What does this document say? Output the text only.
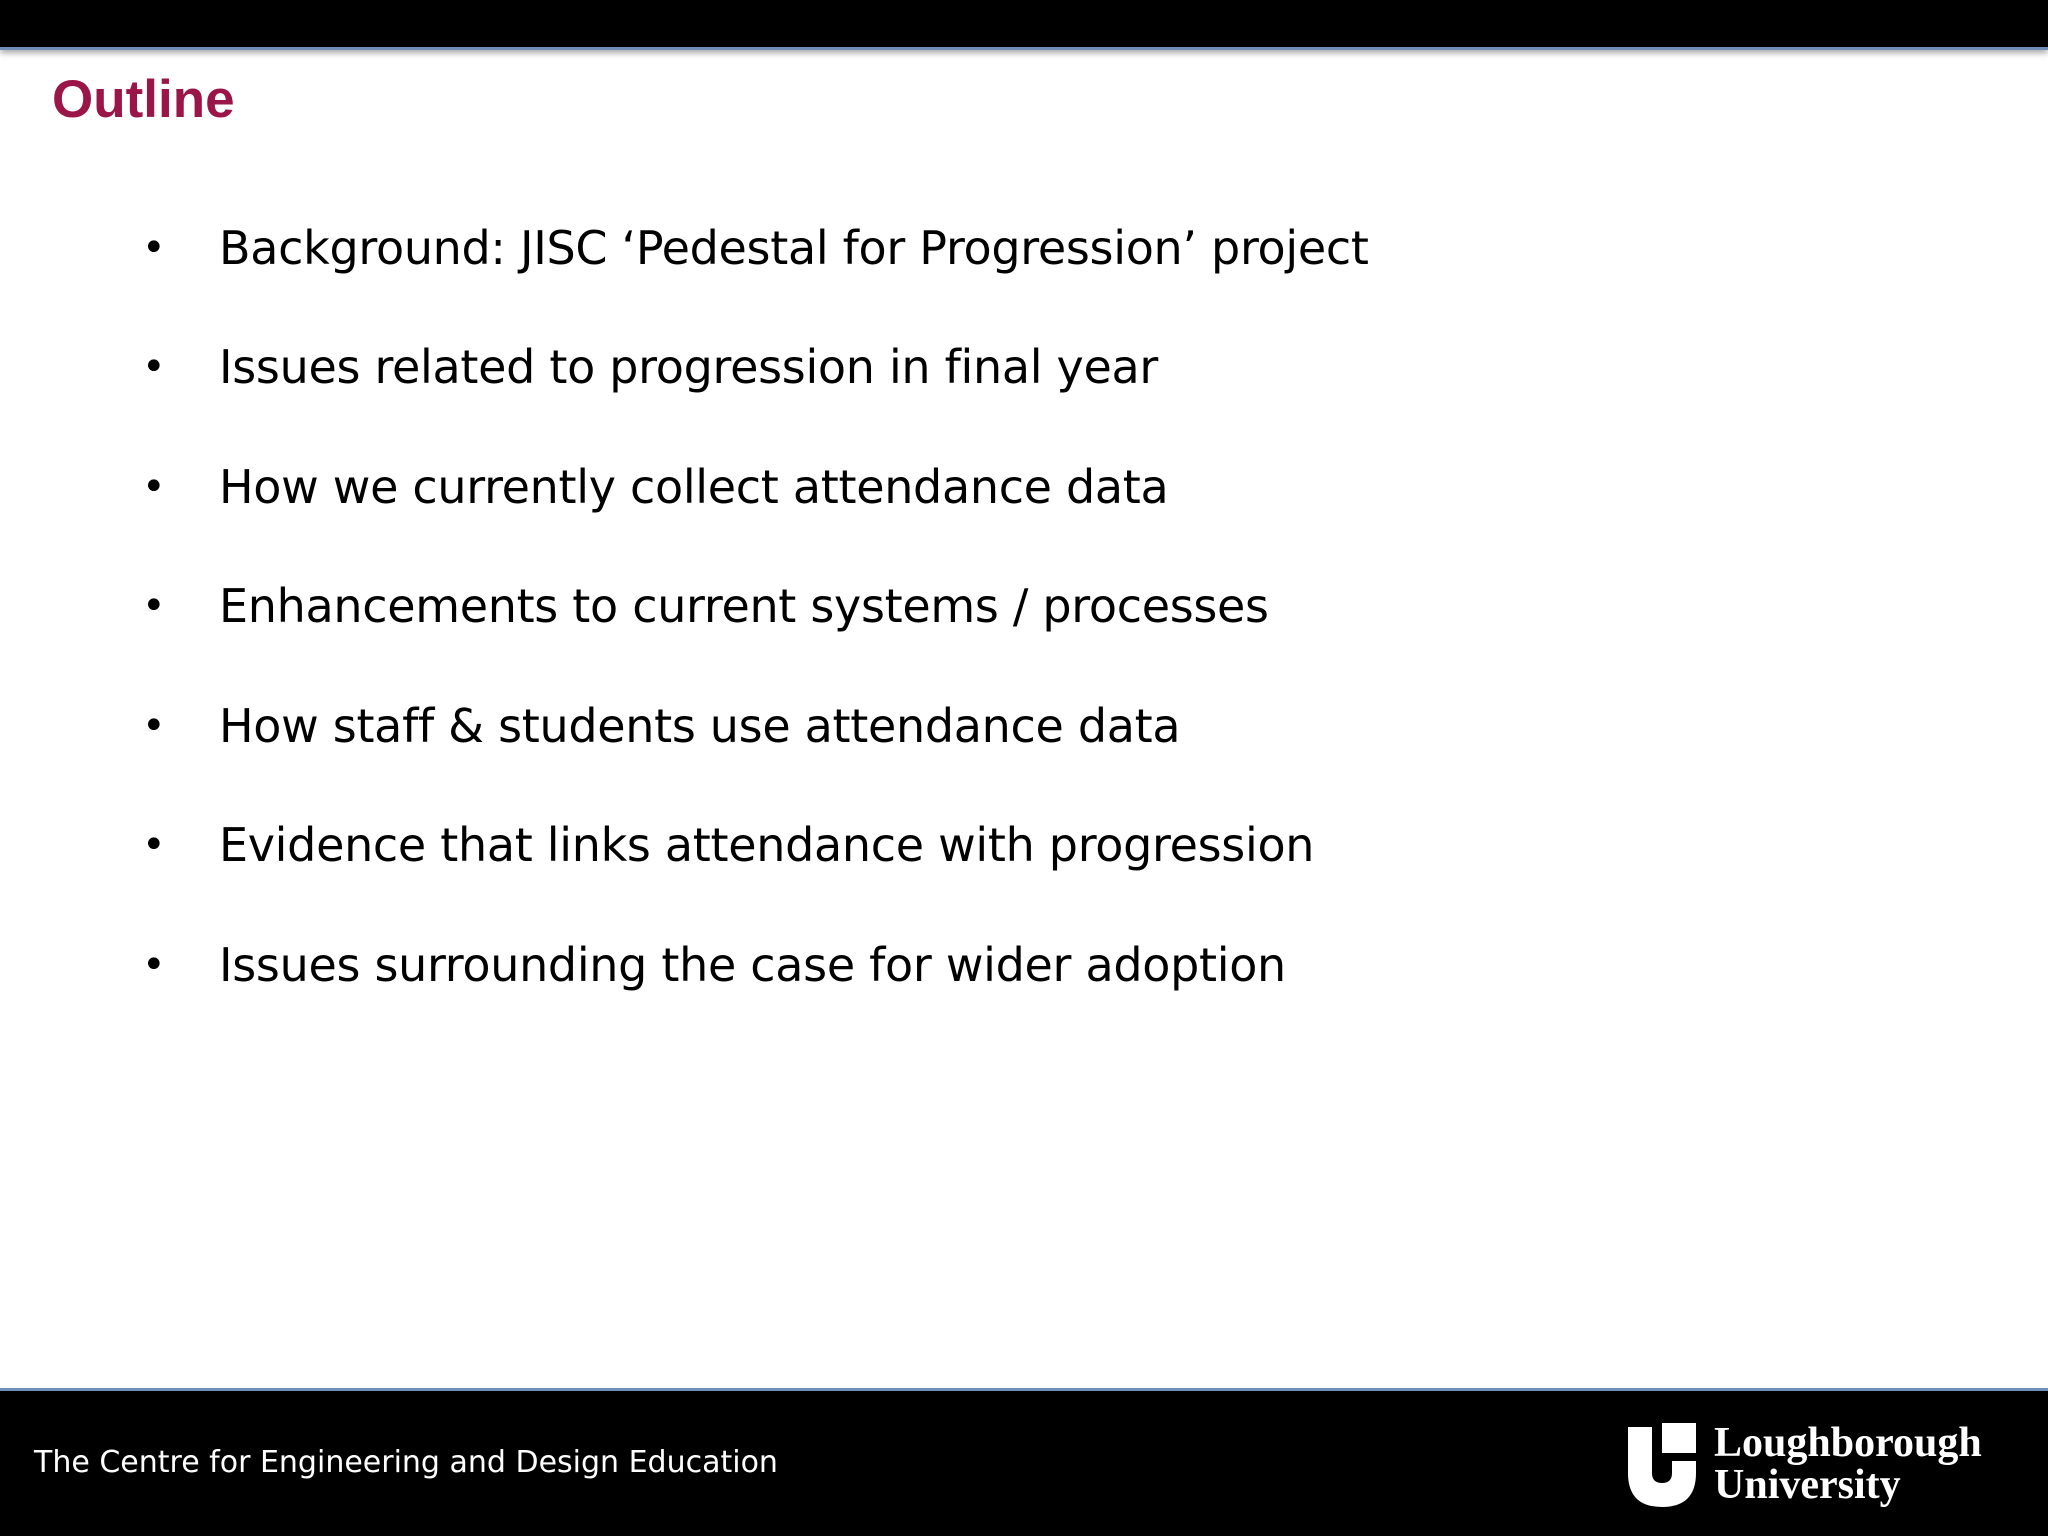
Outline
• Background: JISC ‘Pedestal for Progression’ project
• Issues related to progression in final year
• How we currently collect attendance data
• Enhancements to current systems / processes
• How staff & students use attendance data
• Evidence that links attendance with progression
• Issues surrounding the case for wider adoption
The Centre for Engineering and Design Education	Loughborough
University
